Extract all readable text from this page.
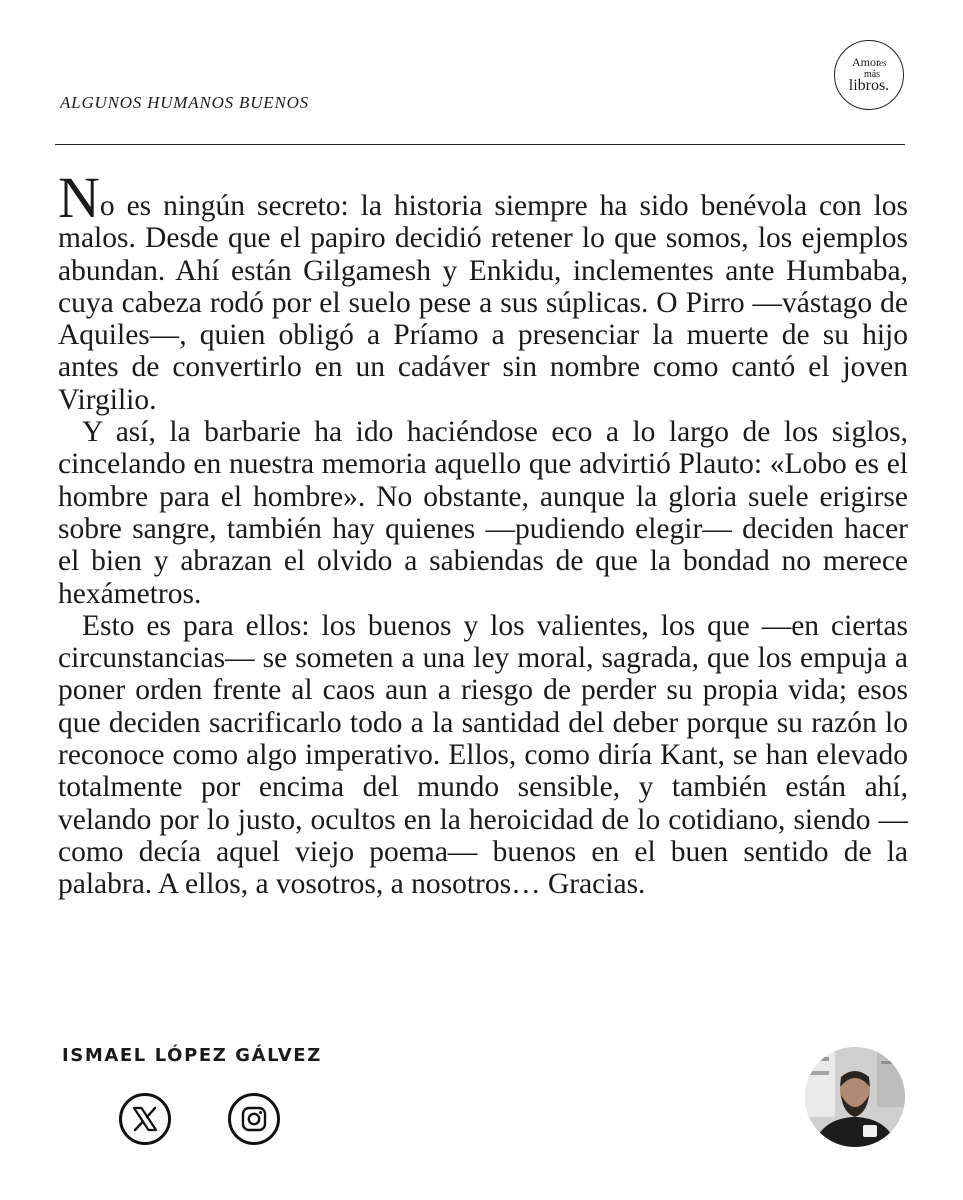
Amor es
más
libros.
ALGUNOS HUMANOS BUENOS

No es ningún secreto: la historia siempre ha sido benévola con los malos. Desde que el papiro decidió retener lo que somos, los ejemplos abundan. Ahí están Gilgamesh y Enkidu, inclementes ante Humbaba, cuya cabeza rodó por el suelo pese a sus súplicas. O Pirro —vástago de Aquiles—, quien obligó a Príamo a presenciar la muerte de su hijo antes de convertirlo en un cadáver sin nombre como cantó el joven Virgilio.

Y así, la barbarie ha ido haciéndose eco a lo largo de los siglos, cincelando en nuestra memoria aquello que advirtió Plauto: «Lobo es el hombre para el hombre». No obstante, aunque la gloria suele erigirse sobre sangre, también hay quienes —pudiendo elegir— deciden hacer el bien y abrazan el olvido a sabiendas de que la bondad no merece hexámetros.

Esto es para ellos: los buenos y los valientes, los que —en ciertas circunstancias— se someten a una ley moral, sagrada, que los empuja a poner orden frente al caos aun a riesgo de perder su propia vida; esos que deciden sacrificarlo todo a la santidad del deber porque su razón lo reconoce como algo imperativo. Ellos, como diría Kant, se han elevado totalmente por encima del mundo sensible, y también están ahí, velando por lo justo, ocultos en la heroicidad de lo cotidiano, siendo —como decía aquel viejo poema— buenos en el buen sentido de la palabra. A ellos, a vosotros, a nosotros… Gracias.

ISMAEL LÓPEZ GÁLVEZ
